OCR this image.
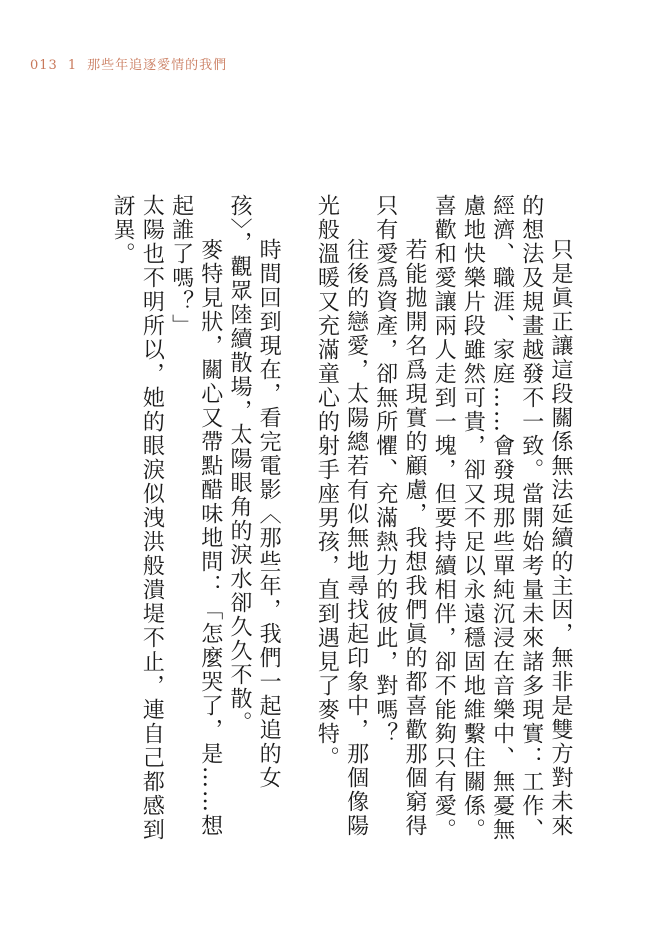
013 1 那些年追逐愛情的我們

只是眞正讓這段關係無法延續的主因，無非是雙方對未來的想法及規畫越發不一致。當開始考量未來諸多現實：工作、經濟、職涯、家庭……會發現那些單純沉浸在音樂中、無憂無慮地快樂片段雖然可貴，卻又不足以永遠穩固地維繫住關係。喜歡和愛讓兩人走到一塊，但要持續相伴，卻不能夠只有愛。

若能拋開名爲現實的顧慮，我想我們眞的都喜歡那個窮得只有愛爲資產，卻無所懼、充滿熱力的彼此，對嗎？

往後的戀愛，太陽總若有似無地尋找起印象中，那個像陽光般溫暖又充滿童心的射手座男孩，直到遇見了麥特。

時間回到現在，看完電影〈那些年，我們一起追的女孩〉，觀眾陸續散場，太陽眼角的淚水卻久久不散。

麥特見狀，關心又帶點醋味地問：「怎麼哭了，是……想起誰了嗎？」

太陽也不明所以，她的眼淚似洩洪般潰堤不止，連自己都感到訝異。
